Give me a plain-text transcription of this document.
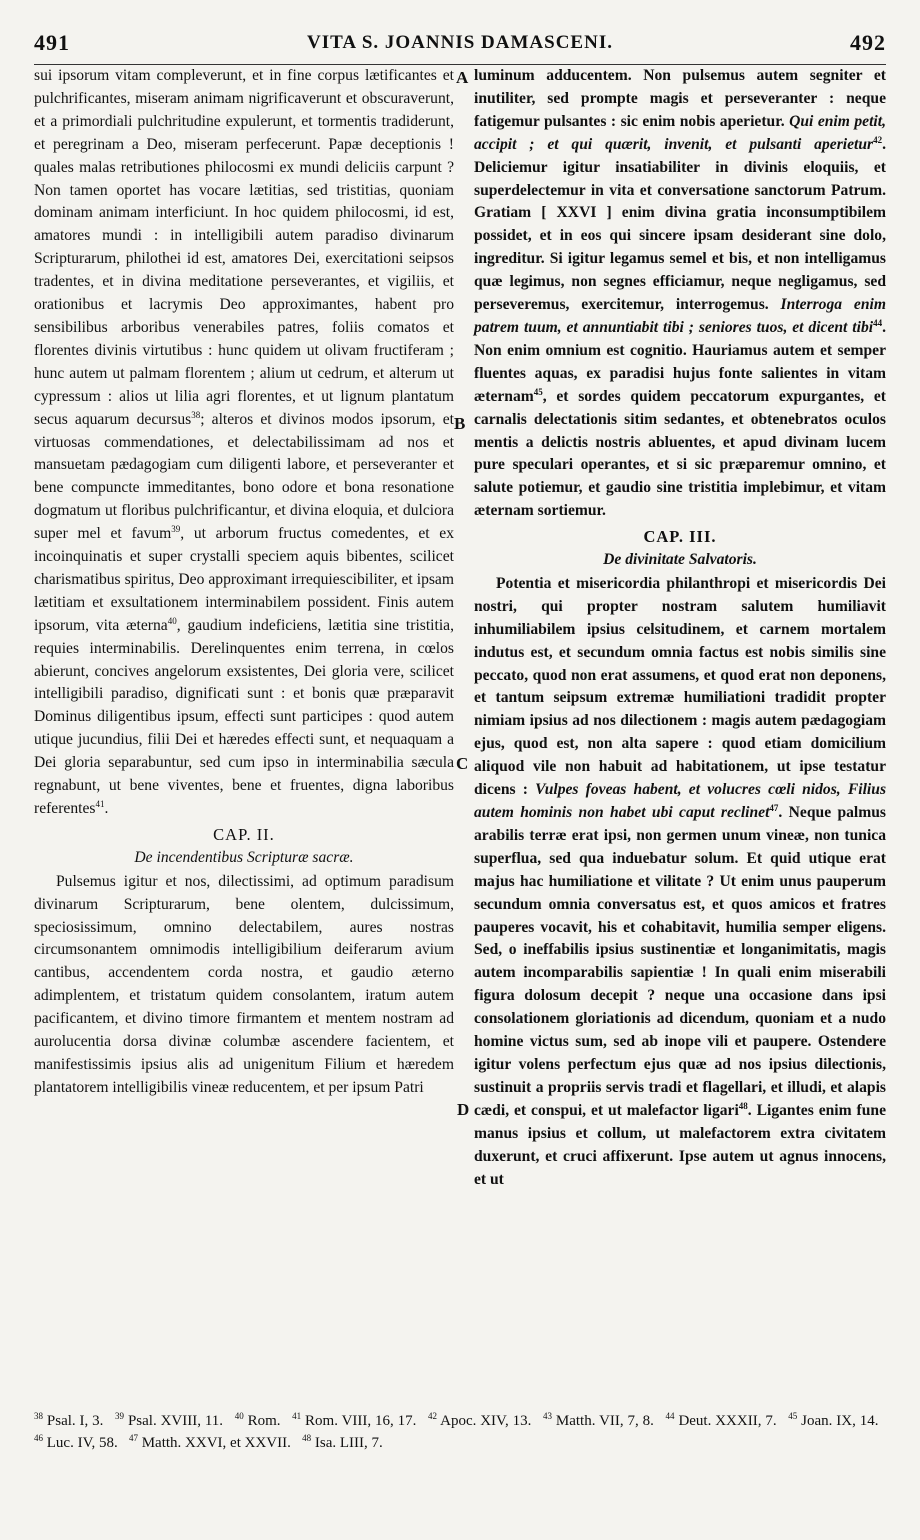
491	VITA S. JOANNIS DAMASCENI.	492
A
B
C
D

sui ipsorum vitam compleverunt, et in fine corpus lætificantes et pulchrificantes, miseram animam nigrificaverunt et obscuraverunt, et a primordiali pulchritudine expulerunt, et tormentis tradiderunt, et peregrinam a Deo, miseram perfecerunt. Papæ deceptionis ! quales malas retributiones philocosmi ex mundi deliciis carpunt ? Non tamen oportet has vocare lætitias, sed tristitias, quoniam dominam animam interficiunt. In hoc quidem philocosmi, id est, amatores mundi : in intelligibili autem paradiso divinarum Scripturarum, philothei id est, amatores Dei, exercitationi seipsos tradentes, et in divina meditatione perseverantes, et vigiliis, et orationibus et lacrymis Deo approximantes, habent pro sensibilibus arboribus venerabiles patres, foliis comatos et florentes divinis virtutibus : hunc quidem ut olivam fructiferam ; hunc autem ut palmam florentem ; alium ut cedrum, et alterum ut cypressum : alios ut lilia agri florentes, et ut lignum plantatum secus aquarum decursus$^{38}$; alteros et divinos modos ipsorum, et virtuosas commendationes, et delectabilissimam ad nos et mansuetam pædagogiam cum diligenti labore, et perseveranter et bene compuncte immeditantes, bono odore et bona resonatione dogmatum ut floribus pulchrificantur, et divina eloquia, et dulciora super mel et favum$^{39}$, ut arborum fructus comedentes, et ex incoinquinatis et super crystalli speciem aquis bibentes, scilicet charismatibus spiritus, Deo approximant irrequiescibiliter, et ipsam lætitiam et exsultationem interminabilem possident. Finis autem ipsorum, vita æterna$^{40}$, gaudium indeficiens, lætitia sine tristitia, requies interminabilis. Derelinquentes enim terrena, in cœlos abierunt, concives angelorum exsistentes, Dei gloria vere, scilicet intelligibili paradiso, dignificati sunt : et bonis quæ præparavit Dominus diligentibus ipsum, effecti sunt participes : quod autem utique jucundius, filii Dei et hæredes effecti sunt, et nequaquam a Dei gloria separabuntur, sed cum ipso in interminabilia sæcula regnabunt, ut bene viventes, bene et fruentes, digna laboribus referentes$^{41}$.

CAP. II.
De incendentibus Scripturæ sacræ.

Pulsemus igitur et nos, dilectissimi, ad optimum paradisum divinarum Scripturarum, bene olentem, dulcissimum, speciosissimum, omnino delectabilem, aures nostras circumsonantem omnimodis intelligibilium deiferarum avium cantibus, accendentem corda nostra, et gaudio æterno adimplentem, et tristatum quidem consolantem, iratum autem pacificantem, et divino timore firmantem et mentem nostram ad aurolucentia dorsa divinæ columbæ ascendere facientem, et manifestissimis ipsius alis ad unigenitum Filium et hæredem plantatorem intelligibilis vineæ reducentem, et per ipsum Patri

luminum adducentem. Non pulsemus autem segniter et inutiliter, sed prompte magis et perseveranter : neque fatigemur pulsantes : sic enim nobis aperietur. Qui enim petit, accipit ; et qui quærit, invenit, et pulsanti aperietur$^{42}$. Deliciemur igitur insatiabiliter in divinis eloquiis, et superdelectemur in vita et conversatione sanctorum Patrum. Gratiam [ XXVI ] enim divina gratia inconsumptibilem possidet, et in eos qui sincere ipsam desiderant sine dolo, ingreditur. Si igitur legamus semel et bis, et non intelligamus quæ legimus, non segnes efficiamur, neque negligamus, sed perseveremus, exercitemur, interrogemus. Interroga enim patrem tuum, et annuntiabit tibi ; seniores tuos, et dicent tibi$^{44}$. Non enim omnium est cognitio. Hauriamus autem et semper fluentes aquas, ex paradisi hujus fonte salientes in vitam æternam$^{45}$, et sordes quidem peccatorum expurgantes, et carnalis delectationis sitim sedantes, et obtenebratos oculos mentis a delictis nostris abluentes, et apud divinam lucem pure speculari operantes, et si sic præparemur omnino, et salute potiemur, et gaudio sine tristitia implebimur, et vitam æternam sortiemur.

CAP. III.
De divinitate Salvatoris.

Potentia et misericordia philanthropi et misericordis Dei nostri, qui propter nostram salutem humiliavit inhumiliabilem ipsius celsitudinem, et carnem mortalem indutus est, et secundum omnia factus est nobis similis sine peccato, quod non erat assumens, et quod erat non deponens, et tantum seipsum extremæ humiliationi tradidit propter nimiam ipsius ad nos dilectionem : magis autem pædagogiam ejus, quod est, non alta sapere : quod etiam domicilium aliquod vile non habuit ad habitationem, ut ipse testatur dicens : Vulpes foveas habent, et volucres cœli nidos, Filius autem hominis non habet ubi caput reclinet$^{47}$. Neque palmus arabilis terræ erat ipsi, non germen unum vineæ, non tunica superflua, sed qua induebatur solum. Et quid utique erat majus hac humiliatione et vilitate ? Ut enim unus pauperum secundum omnia conversatus est, et quos amicos et fratres pauperes vocavit, his et cohabitavit, humilia semper eligens. Sed, o ineffabilis ipsius sustinentiæ et longanimitatis, magis autem incomparabilis sapientiæ ! In quali enim miserabili figura dolosum decepit ? neque una occasione dans ipsi consolationem gloriationis ad dicendum, quoniam et a nudo homine victus sum, sed ab inope vili et paupere. Ostendere igitur volens perfectum ejus quæ ad nos ipsius dilectionis, sustinuit a propriis servis tradi et flagellari, et illudi, et alapis cædi, et conspui, et ut malefactor ligari$^{48}$. Ligantes enim fune manus ipsius et collum, ut malefactorem extra civitatem duxerunt, et cruci affixerunt. Ipse autem ut agnus innocens, et ut

$^{38}$ Psal. I, 3. $^{39}$ Psal. XVIII, 11. $^{40}$ Rom. $^{41}$ Rom. VIII, 16, 17. $^{42}$ Apoc. XIV, 13. $^{43}$ Matth. VII, 7, 8. $^{44}$ Deut. XXXII, 7. $^{45}$ Joan. IX, 14.   $^{46}$ Luc. IV, 58. $^{47}$ Matth. XXVI, et XXVII. $^{48}$ Isa. LIII, 7.
